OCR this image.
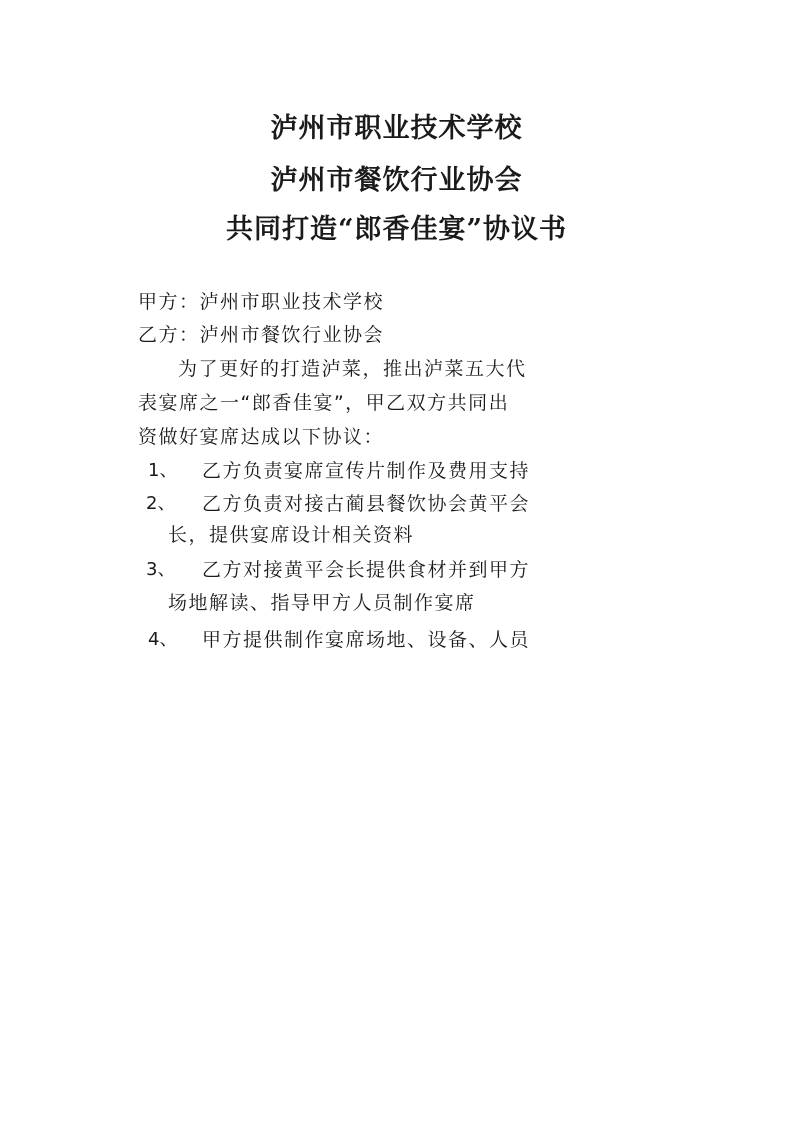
泸州市职业技术学校
泸州市餐饮行业协会
共同打造“郎香佳宴”协议书
甲方：泸州市职业技术学校
乙方：泸州市餐饮行业协会
为了更好的打造泸菜，推出泸菜五大代
表宴席之一“郎香佳宴”，甲乙双方共同出
资做好宴席达成以下协议：
1、 乙方负责宴席宣传片制作及费用支持
2、 乙方负责对接古蔺县餐饮协会黄平会
长，提供宴席设计相关资料
3、 乙方对接黄平会长提供食材并到甲方
场地解读、指导甲方人员制作宴席
4、 甲方提供制作宴席场地、设备、人员
